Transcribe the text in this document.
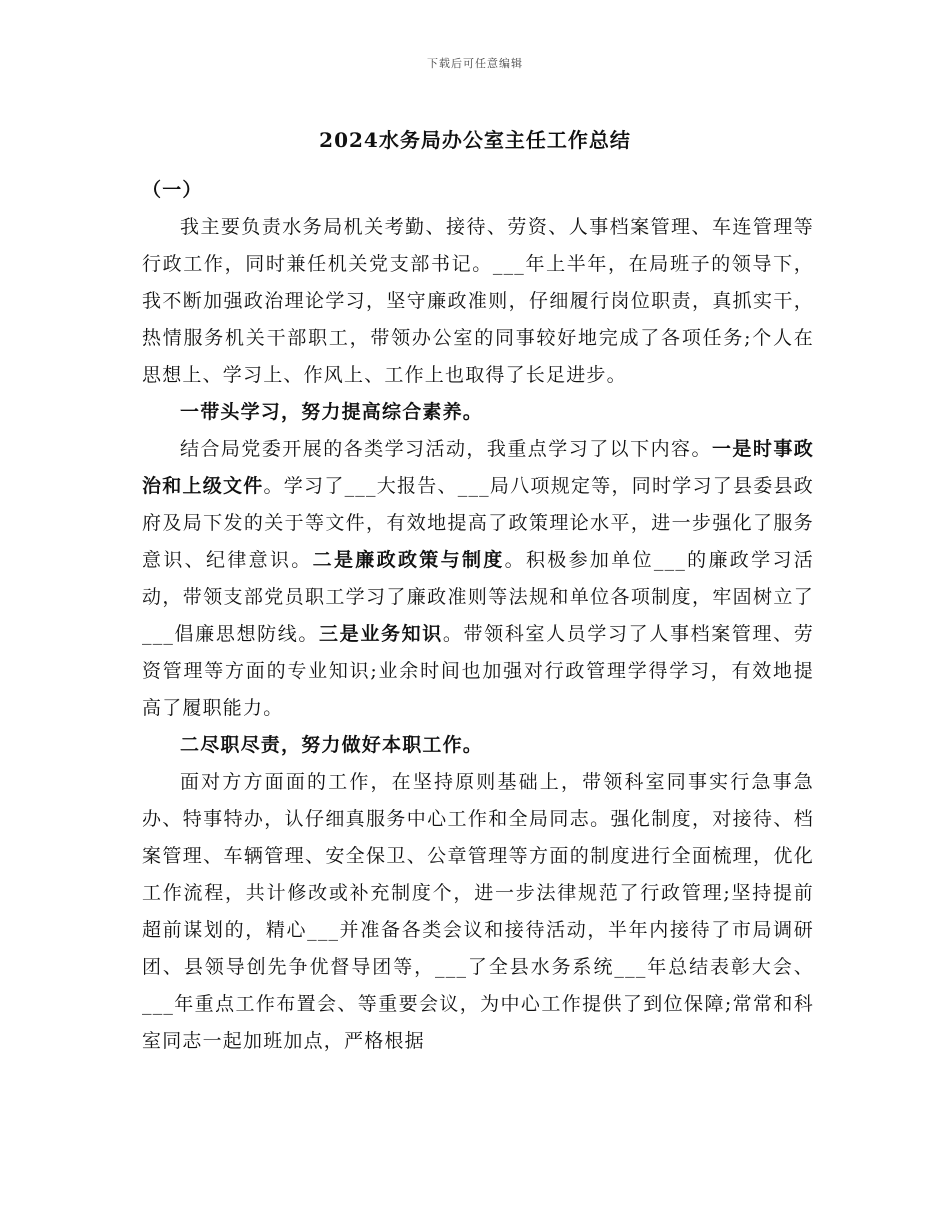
下载后可任意编辑
2024水务局办公室主任工作总结

（一）

我主要负责水务局机关考勤、接待、劳资、人事档案管理、车连管理等行政工作，同时兼任机关党支部书记。___年上半年，在局班子的领导下，我不断加强政治理论学习，坚守廉政准则，仔细履行岗位职责，真抓实干，热情服务机关干部职工，带领办公室的同事较好地完成了各项任务;个人在思想上、学习上、作风上、工作上也取得了长足进步。

一带头学习，努力提高综合素养。

结合局党委开展的各类学习活动，我重点学习了以下内容。一是时事政治和上级文件。学习了___大报告、___局八项规定等，同时学习了县委县政府及局下发的关于等文件，有效地提高了政策理论水平，进一步强化了服务意识、纪律意识。二是廉政政策与制度。积极参加单位___的廉政学习活动，带领支部党员职工学习了廉政准则等法规和单位各项制度，牢固树立了___倡廉思想防线。三是业务知识。带领科室人员学习了人事档案管理、劳资管理等方面的专业知识;业余时间也加强对行政管理学得学习，有效地提高了履职能力。

二尽职尽责，努力做好本职工作。

面对方方面面的工作，在坚持原则基础上，带领科室同事实行急事急办、特事特办，认仔细真服务中心工作和全局同志。强化制度，对接待、档案管理、车辆管理、安全保卫、公章管理等方面的制度进行全面梳理，优化工作流程，共计修改或补充制度个，进一步法律规范了行政管理;坚持提前超前谋划的，精心___并准备各类会议和接待活动，半年内接待了市局调研团、县领导创先争优督导团等，___了全县水务系统___年总结表彰大会、___年重点工作布置会、等重要会议，为中心工作提供了到位保障;常常和科室同志一起加班加点，严格根据
